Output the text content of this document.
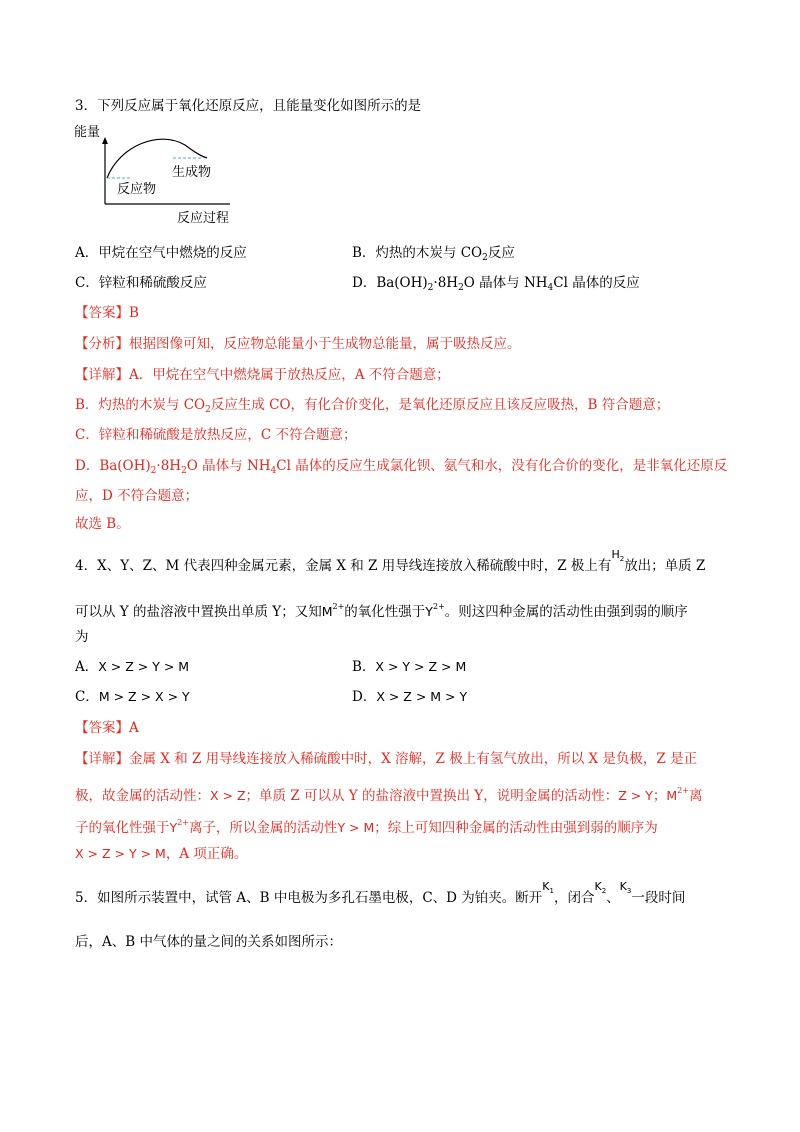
3．下列反应属于氧化还原反应，且能量变化如图所示的是
能量
反应物
生成物
反应过程
A．甲烷在空气中燃烧的反应	B．灼热的木炭与 $CO_2$反应
C．锌粒和稀硫酸反应	D．$Ba(OH)_2\cdot 8H_2O$ 晶体与 $NH_4Cl$ 晶体的反应
【答案】B
【分析】根据图像可知，反应物总能量小于生成物总能量，属于吸热反应。
【详解】A．甲烷在空气中燃烧属于放热反应，A 不符合题意；
B．灼热的木炭与 $CO_2$反应生成 CO，有化合价变化，是氧化还原反应且该反应吸热，B 符合题意；
C．锌粒和稀硫酸是放热反应，C 不符合题意；
D．$Ba(OH)_2\cdot 8H_2O$ 晶体与 $NH_4Cl$ 晶体的反应生成氯化钡、氨气和水，没有化合价的变化，是非氧化还原反
应，D 不符合题意；
故选 B。
4．X、Y、Z、M 代表四种金属元素，金属 X 和 Z 用导线连接放入稀硫酸中时，Z 极上有$^{H_2}$放出；单质 Z
可以从 Y 的盐溶液中置换出单质 Y；又知$M^{2+}$的氧化性强于$Y^{2+}$。则这四种金属的活动性由强到弱的顺序
为
A．X > Z > Y > M	B．X > Y > Z > M
C．M > Z > X > Y	D．X > Z > M > Y
【答案】A
【详解】金属 X 和 Z 用导线连接放入稀硫酸中时，X 溶解，Z 极上有氢气放出，所以 X 是负极，Z 是正
极，故金属的活动性：X > Z；单质 Z 可以从 Y 的盐溶液中置换出 Y，说明金属的活动性：Z > Y；$M^{2+}$离
子的氧化性强于$Y^{2+}$离子，所以金属的活动性Y > M；综上可知四种金属的活动性由强到弱的顺序为
X > Z > Y > M，A 项正确。
5．如图所示装置中，试管 A、B 中电极为多孔石墨电极，C、D 为铂夹。断开$^{K_1}$，闭合$^{K_2}$、$^{K_3}$一段时间
后，A、B 中气体的量之间的关系如图所示：
